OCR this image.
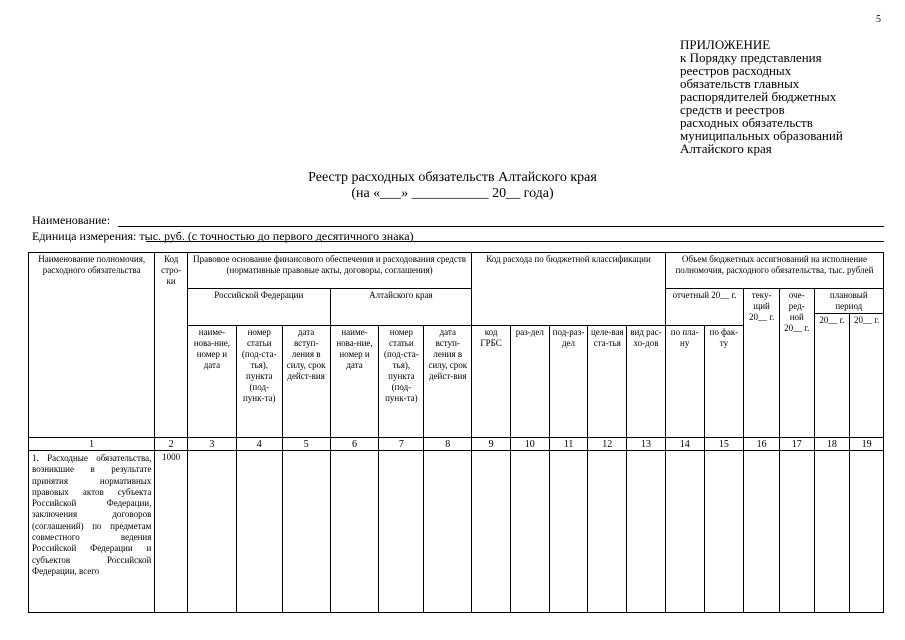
5
ПРИЛОЖЕНИЕ
к Порядку представления
реестров расходных
обязательств главных
распорядителей бюджетных
средств и реестров
расходных обязательств
муниципальных образований
Алтайского края
Реестр расходных обязательств Алтайского края
(на «___» ___________ 20__ года)
Наименование:
Единица измерения: тыс. руб. (с точностью до первого десятичного знака)
Наименование полномочия, расходного обязательства	Код стро-ки	Правовое основание финансового обеспечения и расходования средств (нормативные правовые акты, договоры, соглашения)						Код расхода по бюджетной классификации					Объем бюджетных ассигнований на исполнение полномочия, расходного обязательства, тыс. рублей					
		Российской Федерации			Алтайского края								отчетный 20__ г.		теку-щий 20__ г.	оче-ред-ной 20__ г.	плановый период	
																	20__ г.	20__ г.
		наиме-нова-ние, номер и дата	номер статьи (под-ста-тья), пункта (под-пунк-та)	дата вступ-ления в силу, срок дейст-вия	наиме-нова-ние, номер и дата	номер статьи (под-ста-тья), пункта (под-пунк-та)	дата вступ-ления в силу, срок дейст-вия	код ГРБС	раз-дел	под-раз-дел	целе-вая ста-тья	вид рас-хо-дов	по пла-ну	по фак-ту				
1	2	3	4	5	6	7	8	9	10	11	12	13	14	15	16	17	18	19
1. Расходные обязательства, возникшие в результате принятия нормативных правовых актов субъекта Российской Федерации, заключения договоров (соглашений) по предметам совместного ведения Российской Федерации и субъектов Российской Федерации, всего	1000																	
